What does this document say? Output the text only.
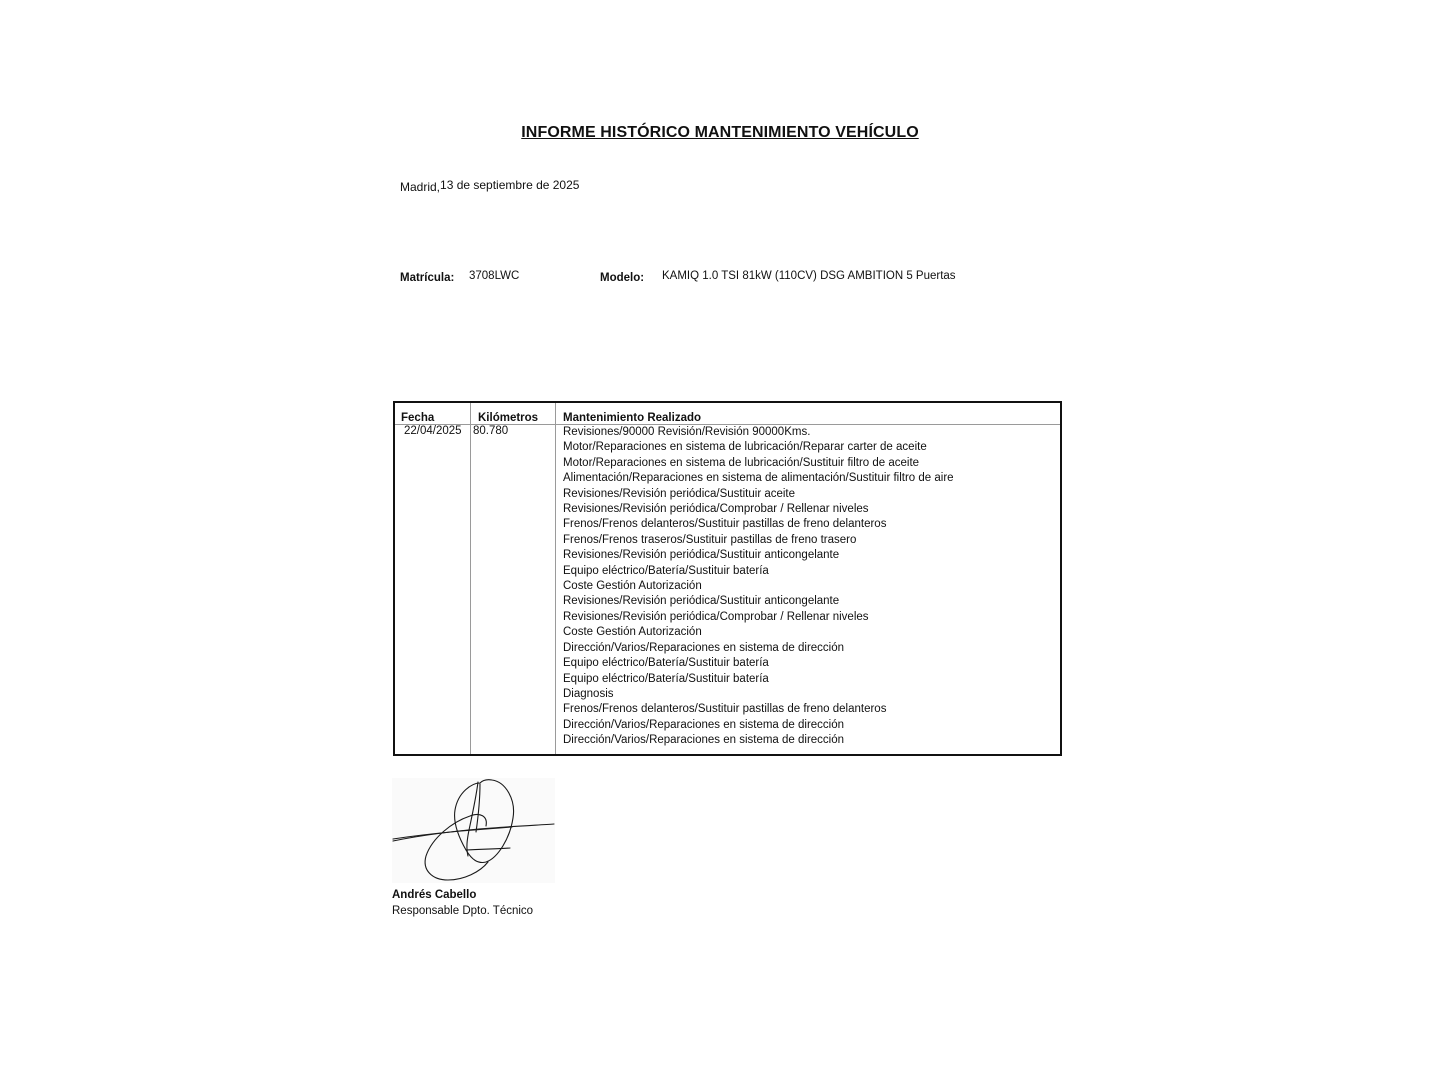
INFORME HISTÓRICO MANTENIMIENTO VEHÍCULO
Madrid,13 de septiembre de 2025
Matrícula: 3708LWC	Modelo: KAMIQ 1.0 TSI 81kW (110CV) DSG AMBITION 5 Puertas
Fecha	Kilómetros Mantenimiento Realizado
22/04/2025 80.780	Revisiones/90000 Revisión/Revisión 90000Kms.
Motor/Reparaciones en sistema de lubricación/Reparar carter de aceite
Motor/Reparaciones en sistema de lubricación/Sustituir filtro de aceite
Alimentación/Reparaciones en sistema de alimentación/Sustituir filtro de aire
Revisiones/Revisión periódica/Sustituir aceite
Revisiones/Revisión periódica/Comprobar / Rellenar niveles
Frenos/Frenos delanteros/Sustituir pastillas de freno delanteros
Frenos/Frenos traseros/Sustituir pastillas de freno trasero
Revisiones/Revisión periódica/Sustituir anticongelante
Equipo eléctrico/Batería/Sustituir batería
Coste Gestión Autorización
Revisiones/Revisión periódica/Sustituir anticongelante
Revisiones/Revisión periódica/Comprobar / Rellenar niveles
Coste Gestión Autorización
Dirección/Varios/Reparaciones en sistema de dirección
Equipo eléctrico/Batería/Sustituir batería
Equipo eléctrico/Batería/Sustituir batería
Diagnosis
Frenos/Frenos delanteros/Sustituir pastillas de freno delanteros
Dirección/Varios/Reparaciones en sistema de dirección
Dirección/Varios/Reparaciones en sistema de dirección
Andrés Cabello
Responsable Dpto. Técnico
